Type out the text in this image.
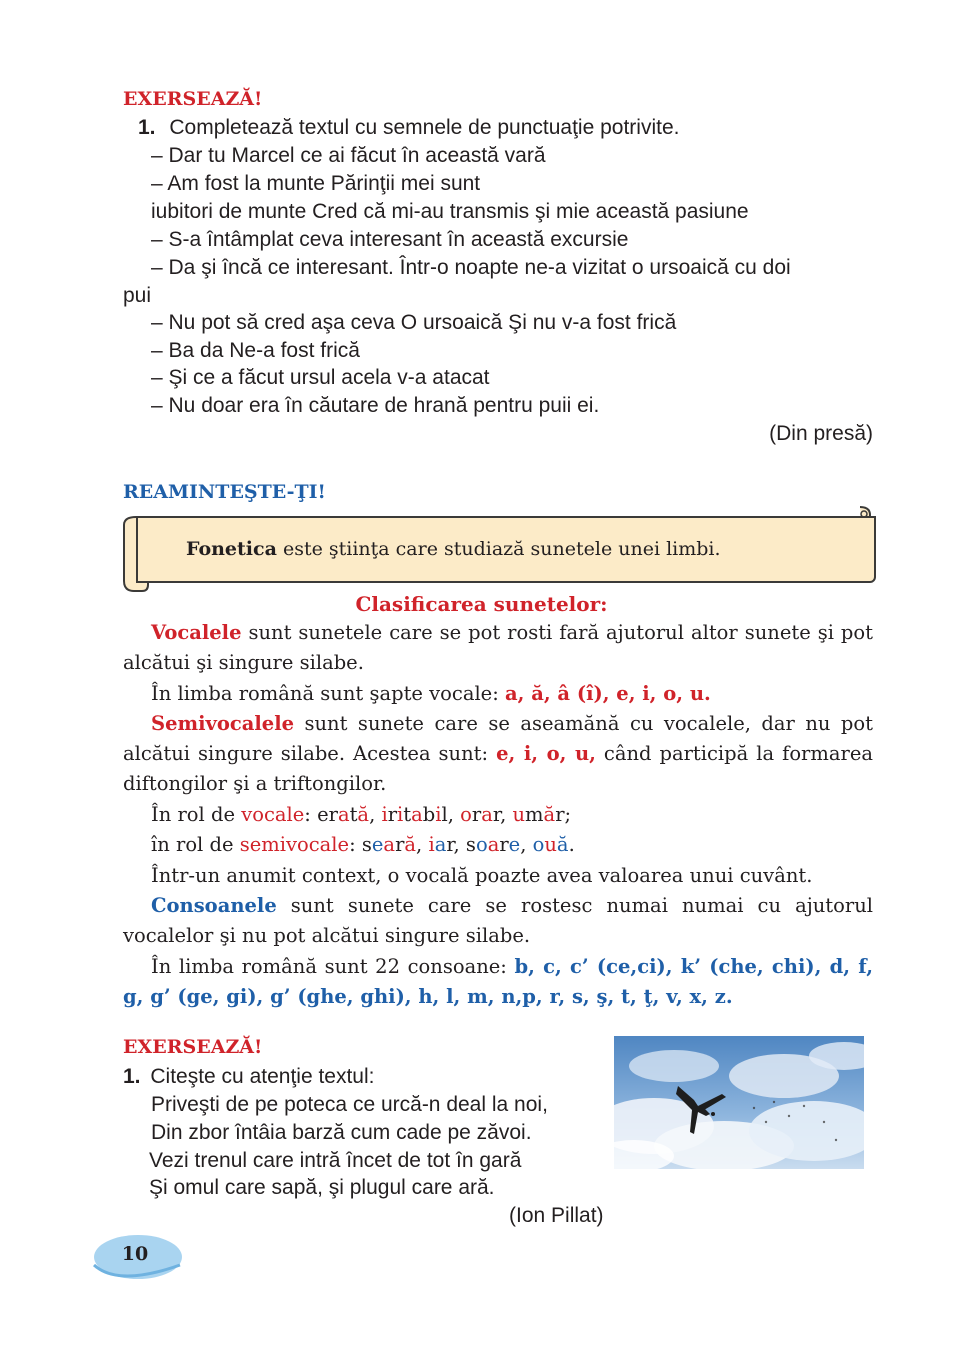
EXERSEAZĂ!
1. Completează textul cu semnele de punctuaţie potrivite.
– Dar tu Marcel ce ai făcut în această vară
– Am fost la munte Părinţii mei sunt
iubitori de munte Cred că mi-au transmis şi mie această pasiune
– S-a întâmplat ceva interesant în această excursie
– Da şi încă ce interesant. Într-o noapte ne-a vizitat o ursoaică cu doi
pui
– Nu pot să cred aşa ceva O ursoaică Şi nu v-a fost frică
– Ba da Ne-a fost frică
– Şi ce a făcut ursul acela v-a atacat
– Nu doar era în căutare de hrană pentru puii ei.
(Din presă)
REAMINTEŞTE-ŢI!
Fonetica este ştiinţa care studiază sunetele unei limbi.
Clasificarea sunetelor:
Vocalele sunt sunetele care se pot rosti fară ajutorul altor sunete şi pot alcătui şi singure silabe.
În limba română sunt şapte vocale: a, ă, â (î), e, i, o, u.
Semivocalele sunt sunete care se aseamănă cu vocalele, dar nu pot alcătui singure silabe. Acestea sunt: e, i, o, u, când participă la formarea diftongilor şi a triftongilor.
În rol de vocale: erată, iritabil, orar, umăr;
în rol de semivocale: seară, iar, soare, ouă.
Într-un anumit context, o vocală poazte avea valoarea unui cuvânt.
Consoanele sunt sunete care se rostesc numai numai cu ajutorul vocalelor şi nu pot alcătui singure silabe.
În limba română sunt 22 consoane: b, c, c’ (ce,ci), k’ (che, chi), d, f, g, g’ (ge, gi), g’ (ghe, ghi), h, l, m, n,p, r, s, ş, t, ţ, v, x, z.
EXERSEAZĂ!
1. Citeşte cu atenţie textul:
Priveşti de pe poteca ce urcă-n deal la noi,
Din zbor întâia barză cum cade pe zăvoi.
Vezi trenul care intră încet de tot în gară
Şi omul care sapă, şi plugul care ară.
(Ion Pillat)
10
